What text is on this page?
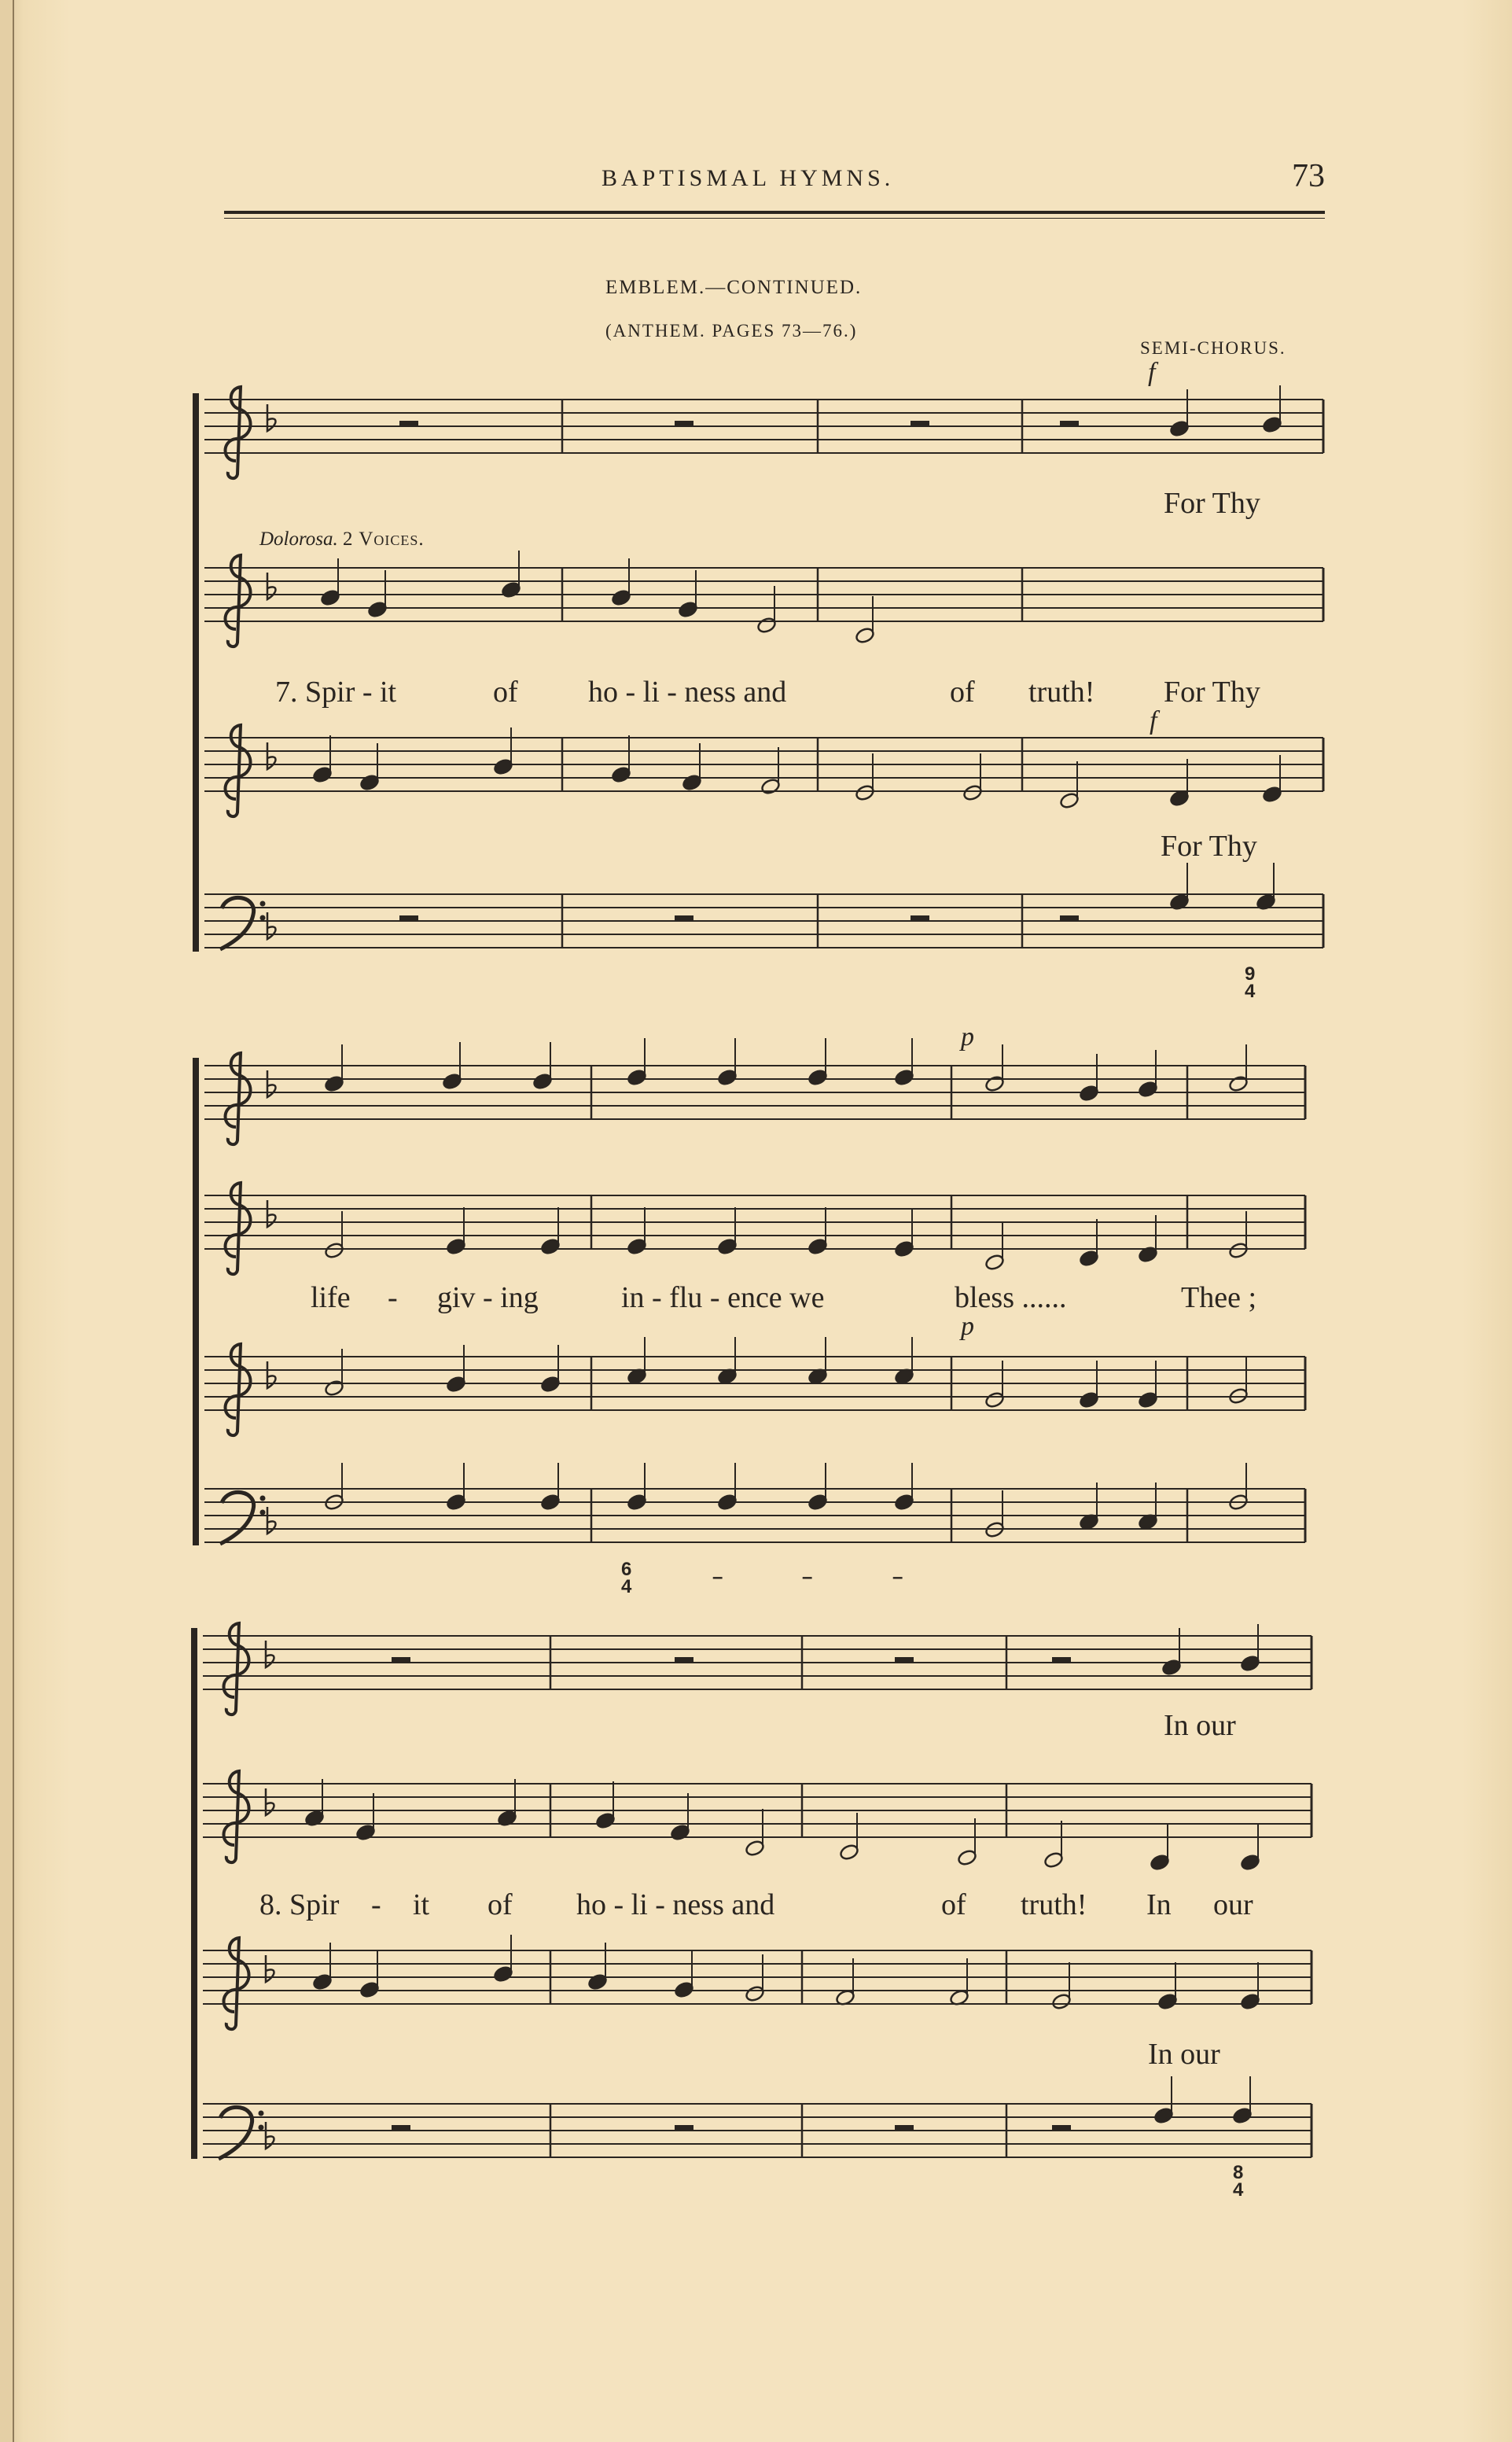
BAPTISMAL HYMNS.	73
EMBLEM.—CONTINUED.
(ANTHEM. PAGES 73—76.)
SEMI-CHORUS.
Dolorosa. 2 Voices.
f
For Thy
7. Spir - it	of ho - li - ness and	of truth! For Thy
f
For Thy
9
4
p
life - giv - ing	in - flu - ence we	bless ......	Thee ;
p
6
4	–	–	–
In our
8. Spir - it of ho - li - ness and	of truth! In our
In our
8
4
